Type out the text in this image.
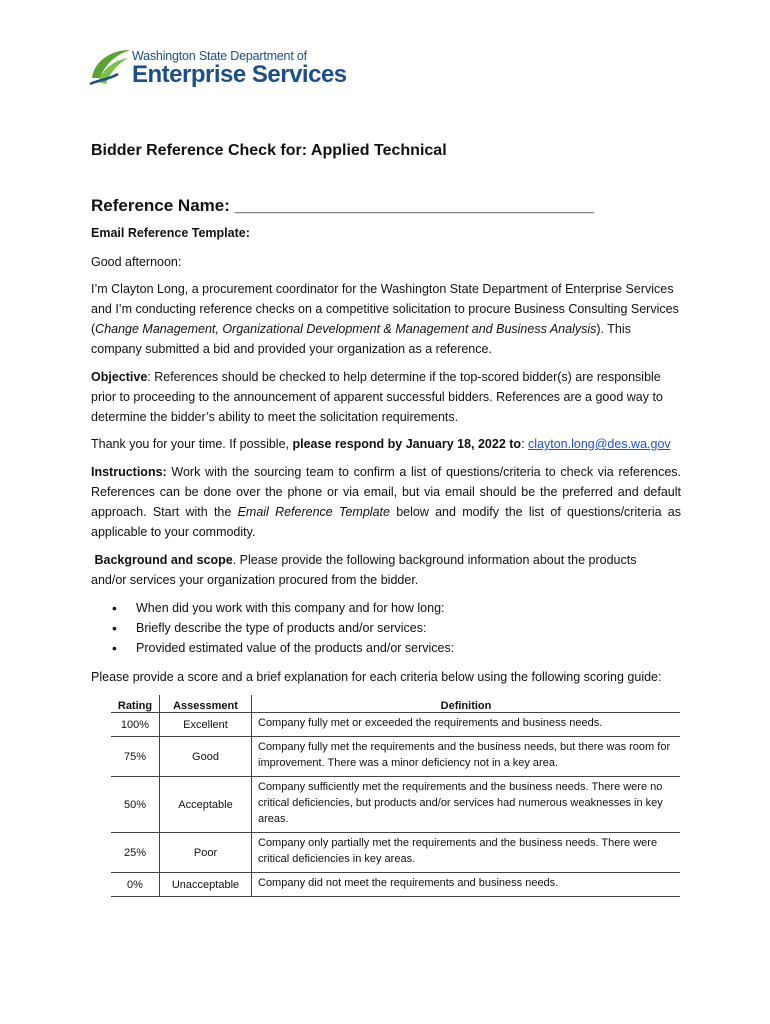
Washington State Department of
Enterprise Services
Bidder Reference Check for: Applied Technical
Reference Name: ______________________________________
Email Reference Template:
Good afternoon:
I’m Clayton Long, a procurement coordinator for the Washington State Department of Enterprise Services and I’m conducting reference checks on a competitive solicitation to procure Business Consulting Services (Change Management, Organizational Development & Management and Business Analysis). This company submitted a bid and provided your organization as a reference.
Objective: References should be checked to help determine if the top-scored bidder(s) are responsible prior to proceeding to the announcement of apparent successful bidders. References are a good way to determine the bidder’s ability to meet the solicitation requirements.
Thank you for your time. If possible, please respond by January 18, 2022 to: clayton.long@des.wa.gov
Instructions: Work with the sourcing team to confirm a list of questions/criteria to check via references. References can be done over the phone or via email, but via email should be the preferred and default approach. Start with the Email Reference Template below and modify the list of questions/criteria as applicable to your commodity.
Background and scope. Please provide the following background information about the products and/or services your organization procured from the bidder.
• When did you work with this company and for how long:
• Briefly describe the type of products and/or services:
• Provided estimated value of the products and/or services:
Please provide a score and a brief explanation for each criteria below using the following scoring guide:
Rating	Assessment	Definition
100%	Excellent	Company fully met or exceeded the requirements and business needs.
75%	Good	Company fully met the requirements and the business needs, but there was room for improvement. There was a minor deficiency not in a key area.
50%	Acceptable	Company sufficiently met the requirements and the business needs. There were no critical deficiencies, but products and/or services had numerous weaknesses in key areas.
25%	Poor	Company only partially met the requirements and the business needs. There were critical deficiencies in key areas.
0%	Unacceptable	Company did not meet the requirements and business needs.
